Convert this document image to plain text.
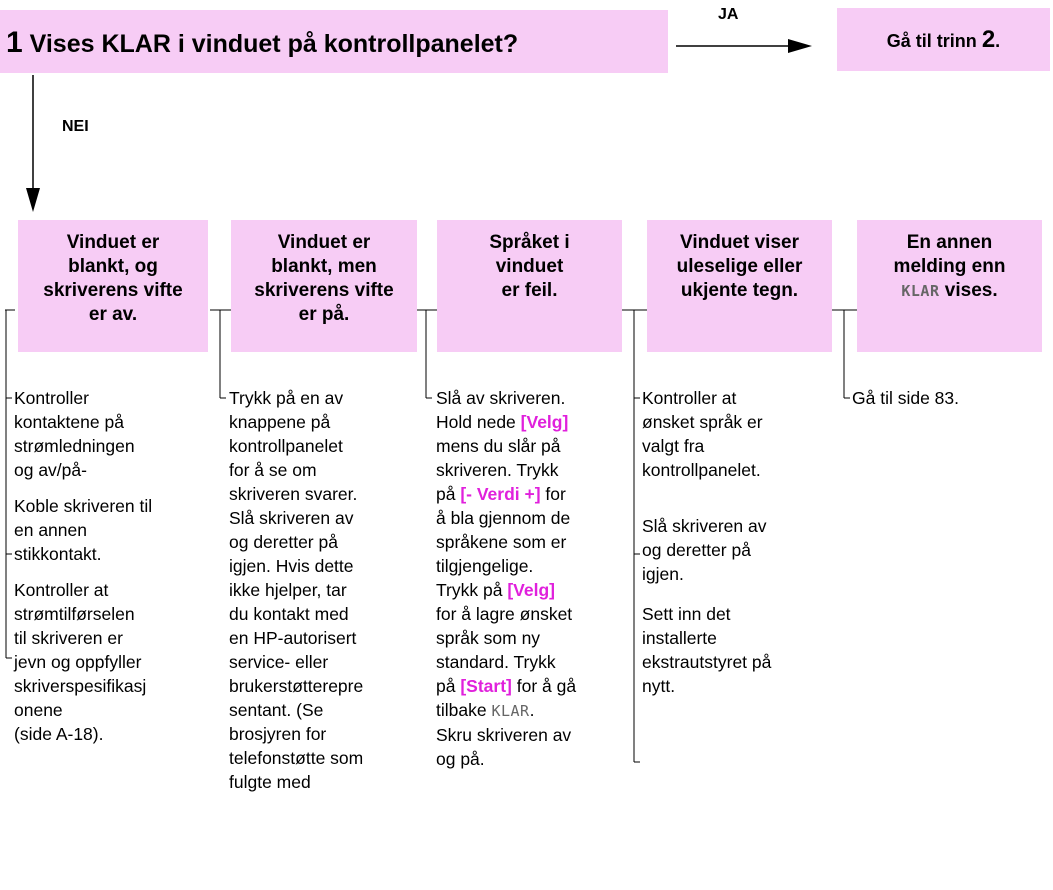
1 Vises KLAR i vinduet på kontrollpanelet?	Gå til trinn 2.
JA
NEI
Vinduet er
blankt, og
skriverens vifte
er av.
Vinduet er
blankt, men
skriverens vifte
er på.
Språket i
vinduet
er feil.
Vinduet viser
uleselige eller
ukjente tegn.
En annen
melding enn
KLAR vises.

Kontroller
kontaktene på
strømledningen
og av/på-

Koble skriveren til
en annen
stikkontakt.

Kontroller at
strømtilførselen
til skriveren er
jevn og oppfyller
skriverspesifikasj
onene
(side A-18).

Trykk på en av
knappene på
kontrollpanelet
for å se om
skriveren svarer.
Slå skriveren av
og deretter på
igjen. Hvis dette
ikke hjelper, tar
du kontakt med
en HP-autorisert
service- eller
brukerstøtterepre
sentant. (Se
brosjyren for
telefonstøtte som
fulgte med

Slå av skriveren.
Hold nede [Velg]
mens du slår på
skriveren. Trykk
på [- Verdi +] for
å bla gjennom de
språkene som er
tilgjengelige.
Trykk på [Velg]
for å lagre ønsket
språk som ny
standard. Trykk
på [Start] for å gå
tilbake KLAR.
Skru skriveren av
og på.

Kontroller at
ønsket språk er
valgt fra
kontrollpanelet.

Slå skriveren av
og deretter på
igjen.

Sett inn det
installerte
ekstrautstyret på
nytt.

Gå til side 83.
